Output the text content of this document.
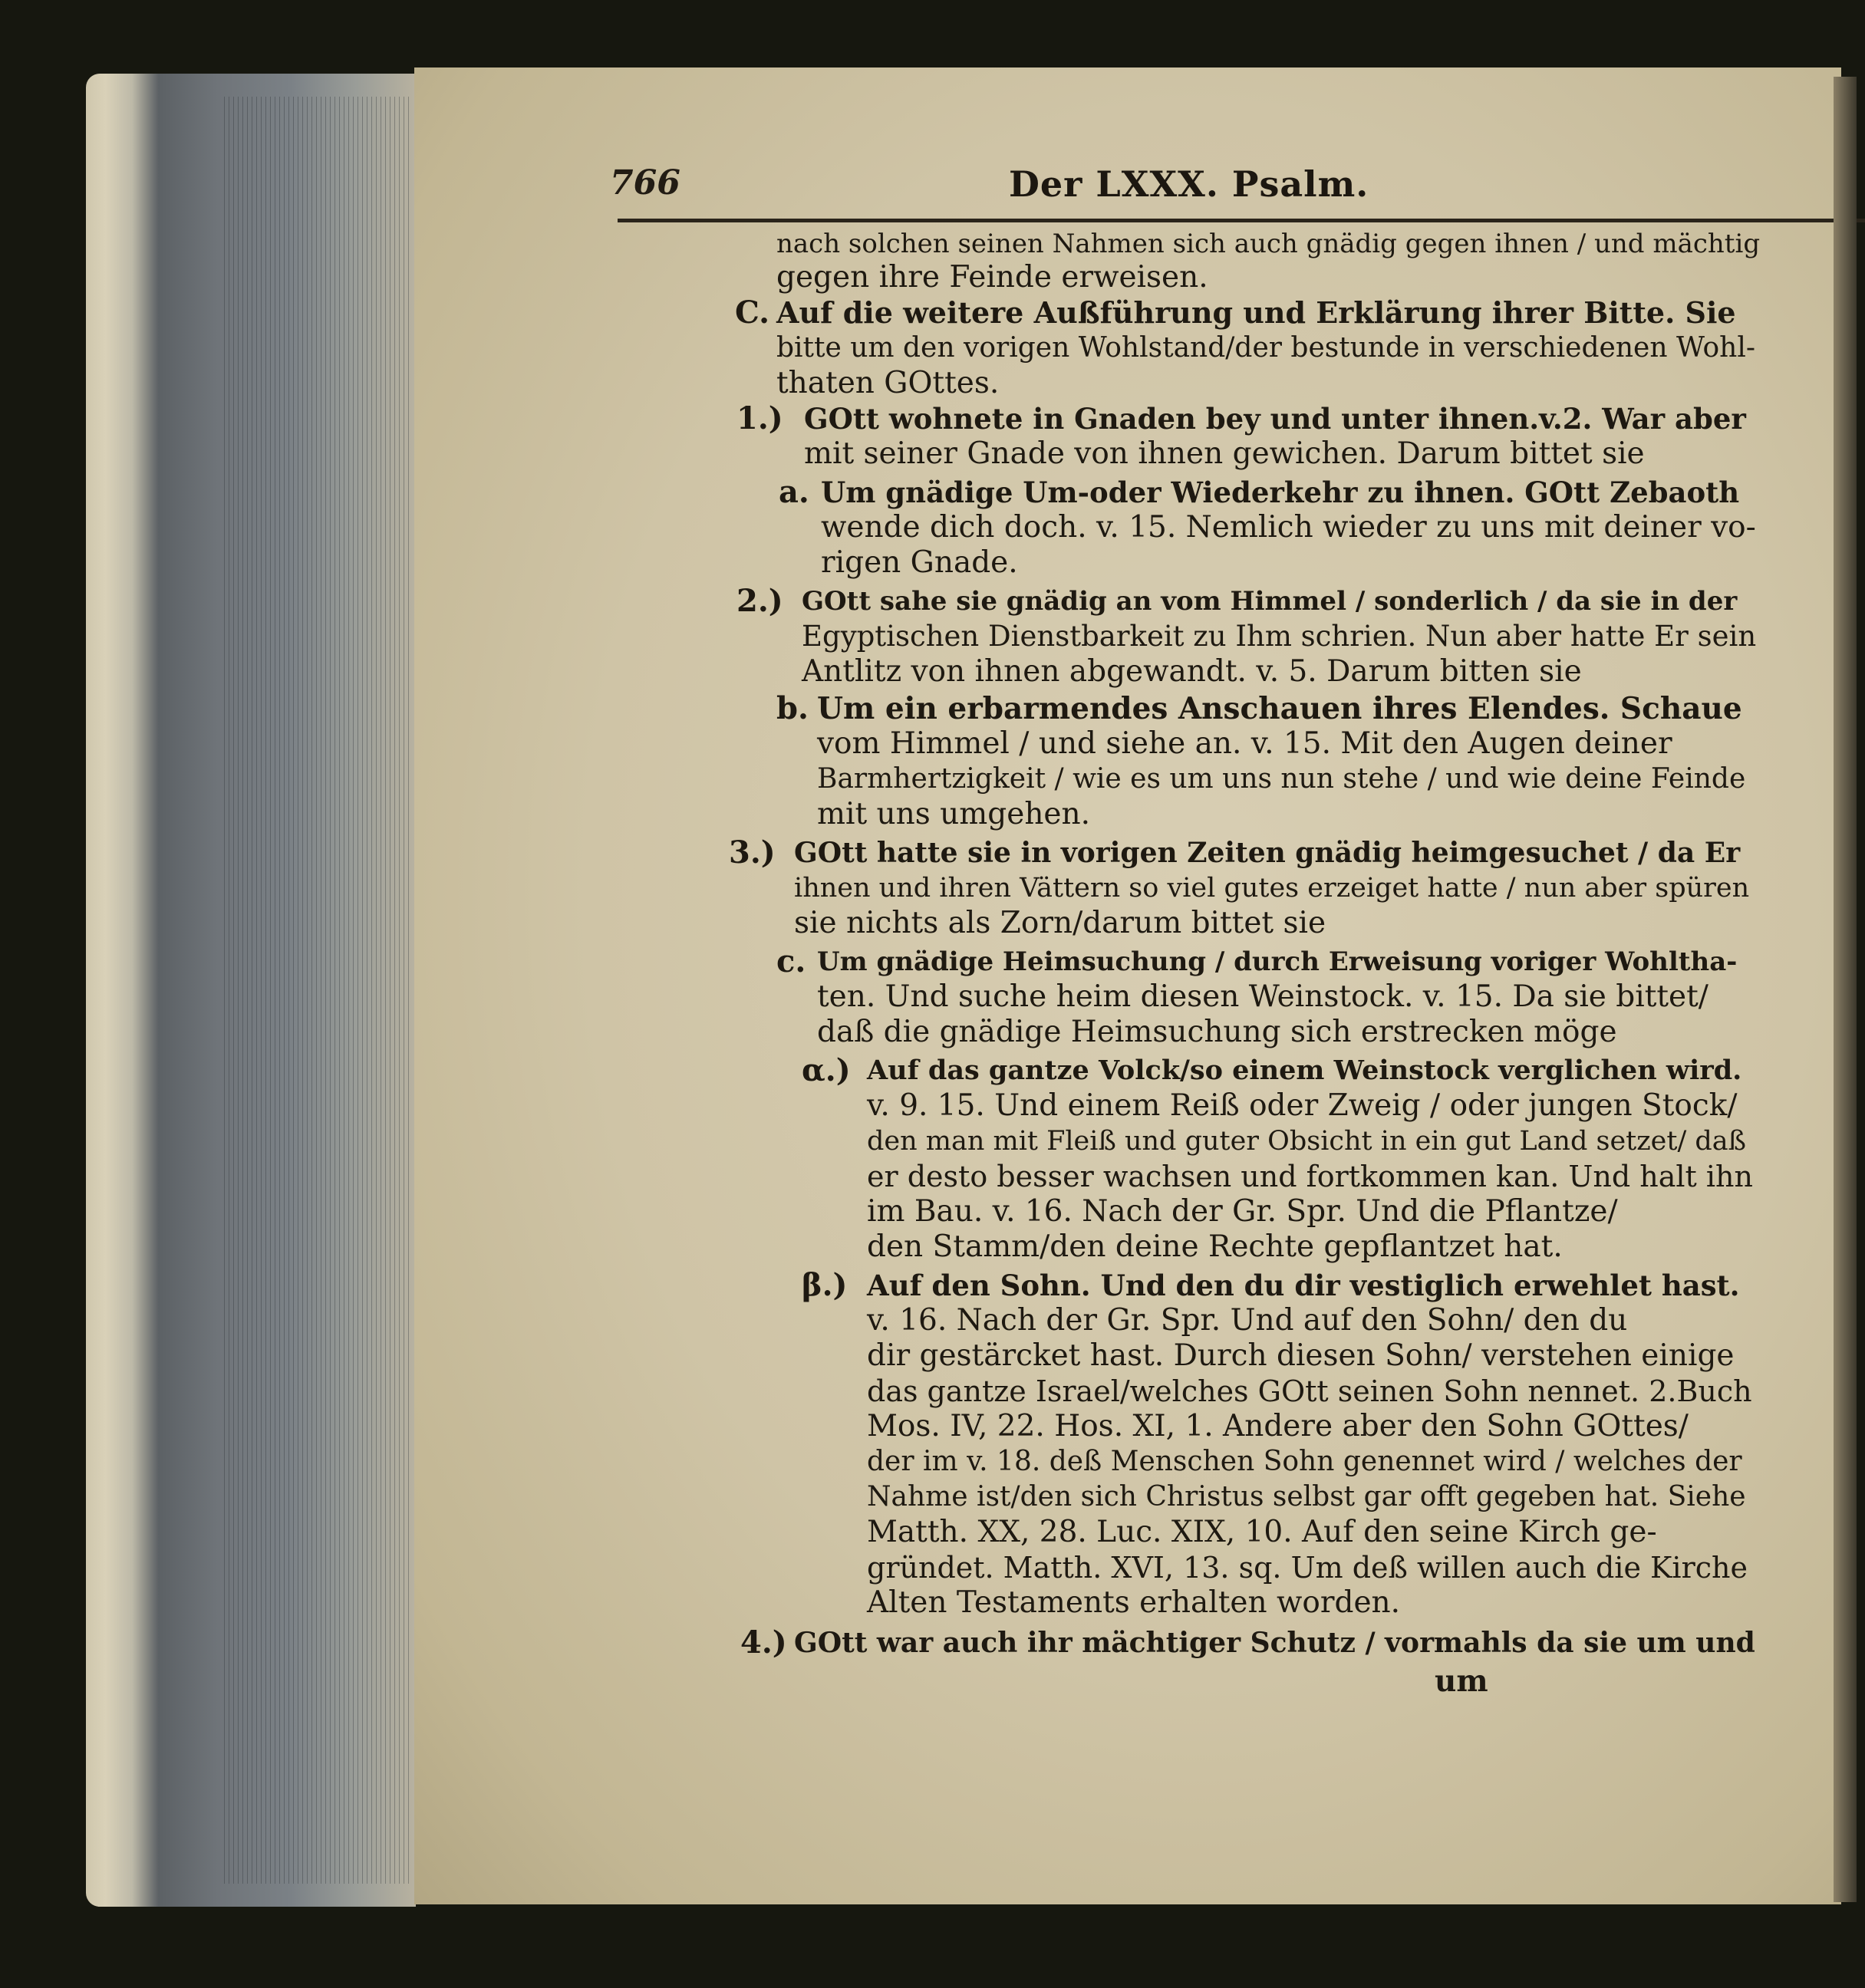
766	Der LXXX. Psalm.
nach solchen seinen Nahmen sich auch gnädig gegen ihnen / und mächtig
gegen ihre Feinde erweisen.
C. Auf die weitere Außführung und Erklärung ihrer Bitte. Sie
bitte um den vorigen Wohlstand/der bestunde in verschiedenen Wohl-
thaten GOttes.
1.) GOtt wohnete in Gnaden bey und unter ihnen.v.2. War aber
mit seiner Gnade von ihnen gewichen. Darum bittet sie
a. Um gnädige Um-oder Wiederkehr zu ihnen. GOtt Zebaoth
wende dich doch. v. 15. Nemlich wieder zu uns mit deiner vo-
rigen Gnade.
2.) GOtt sahe sie gnädig an vom Himmel / sonderlich / da sie in der
Egyptischen Dienstbarkeit zu Ihm schrien. Nun aber hatte Er sein
Antlitz von ihnen abgewandt. v. 5. Darum bitten sie
b. Um ein erbarmendes Anschauen ihres Elendes. Schaue
vom Himmel / und siehe an. v. 15. Mit den Augen deiner
Barmhertzigkeit / wie es um uns nun stehe / und wie deine Feinde
mit uns umgehen.
3.) GOtt hatte sie in vorigen Zeiten gnädig heimgesuchet / da Er
ihnen und ihren Vättern so viel gutes erzeiget hatte / nun aber spüren
sie nichts als Zorn/darum bittet sie
c. Um gnädige Heimsuchung / durch Erweisung voriger Wohltha-
ten. Und suche heim diesen Weinstock. v. 15. Da sie bittet/
daß die gnädige Heimsuchung sich erstrecken möge
α.) Auf das gantze Volck/so einem Weinstock verglichen wird.
v. 9. 15. Und einem Reiß oder Zweig / oder jungen Stock/
den man mit Fleiß und guter Obsicht in ein gut Land setzet/ daß
er desto besser wachsen und fortkommen kan. Und halt ihn
im Bau. v. 16. Nach der Gr. Spr. Und die Pflantze/
den Stamm/den deine Rechte gepflantzet hat.
β.) Auf den Sohn. Und den du dir vestiglich erwehlet hast.
v. 16. Nach der Gr. Spr. Und auf den Sohn/ den du
dir gestärcket hast. Durch diesen Sohn/ verstehen einige
das gantze Israel/welches GOtt seinen Sohn nennet. 2.Buch
Mos. IV, 22. Hos. XI, 1. Andere aber den Sohn GOttes/
der im v. 18. deß Menschen Sohn genennet wird / welches der
Nahme ist/den sich Christus selbst gar offt gegeben hat. Siehe
Matth. XX, 28. Luc. XIX, 10. Auf den seine Kirch ge-
gründet. Matth. XVI, 13. sq. Um deß willen auch die Kirche
Alten Testaments erhalten worden.
4.) GOtt war auch ihr mächtiger Schutz / vormahls da sie um und
um
